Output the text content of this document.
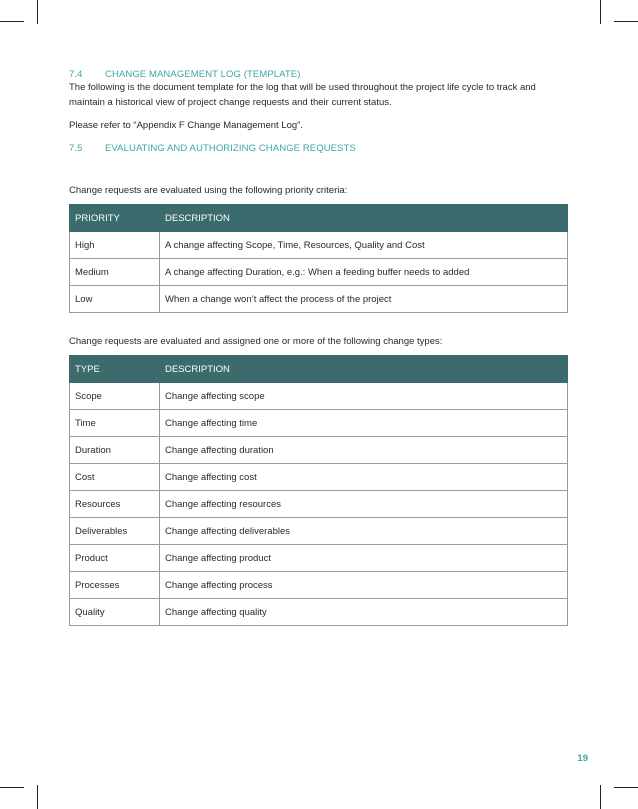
7.4 CHANGE MANAGEMENT LOG (TEMPLATE)

The following is the document template for the log that will be used throughout the project life cycle to track and maintain a historical view of project change requests and their current status.

Please refer to “Appendix F Change Management Log”.

7.5 EVALUATING AND AUTHORIZING CHANGE REQUESTS

Change requests are evaluated using the following priority criteria:

PRIORITY	DESCRIPTION
High	A change affecting Scope, Time, Resources, Quality and Cost
Medium	A change affecting Duration, e.g.: When a feeding buffer needs to added
Low	When a change won’t affect the process of the project

Change requests are evaluated and assigned one or more of the following change types:

TYPE	DESCRIPTION
Scope	Change affecting scope
Time	Change affecting time
Duration	Change affecting duration
Cost	Change affecting cost
Resources	Change affecting resources
Deliverables	Change affecting deliverables
Product	Change affecting product
Processes	Change affecting process
Quality	Change affecting quality
19
